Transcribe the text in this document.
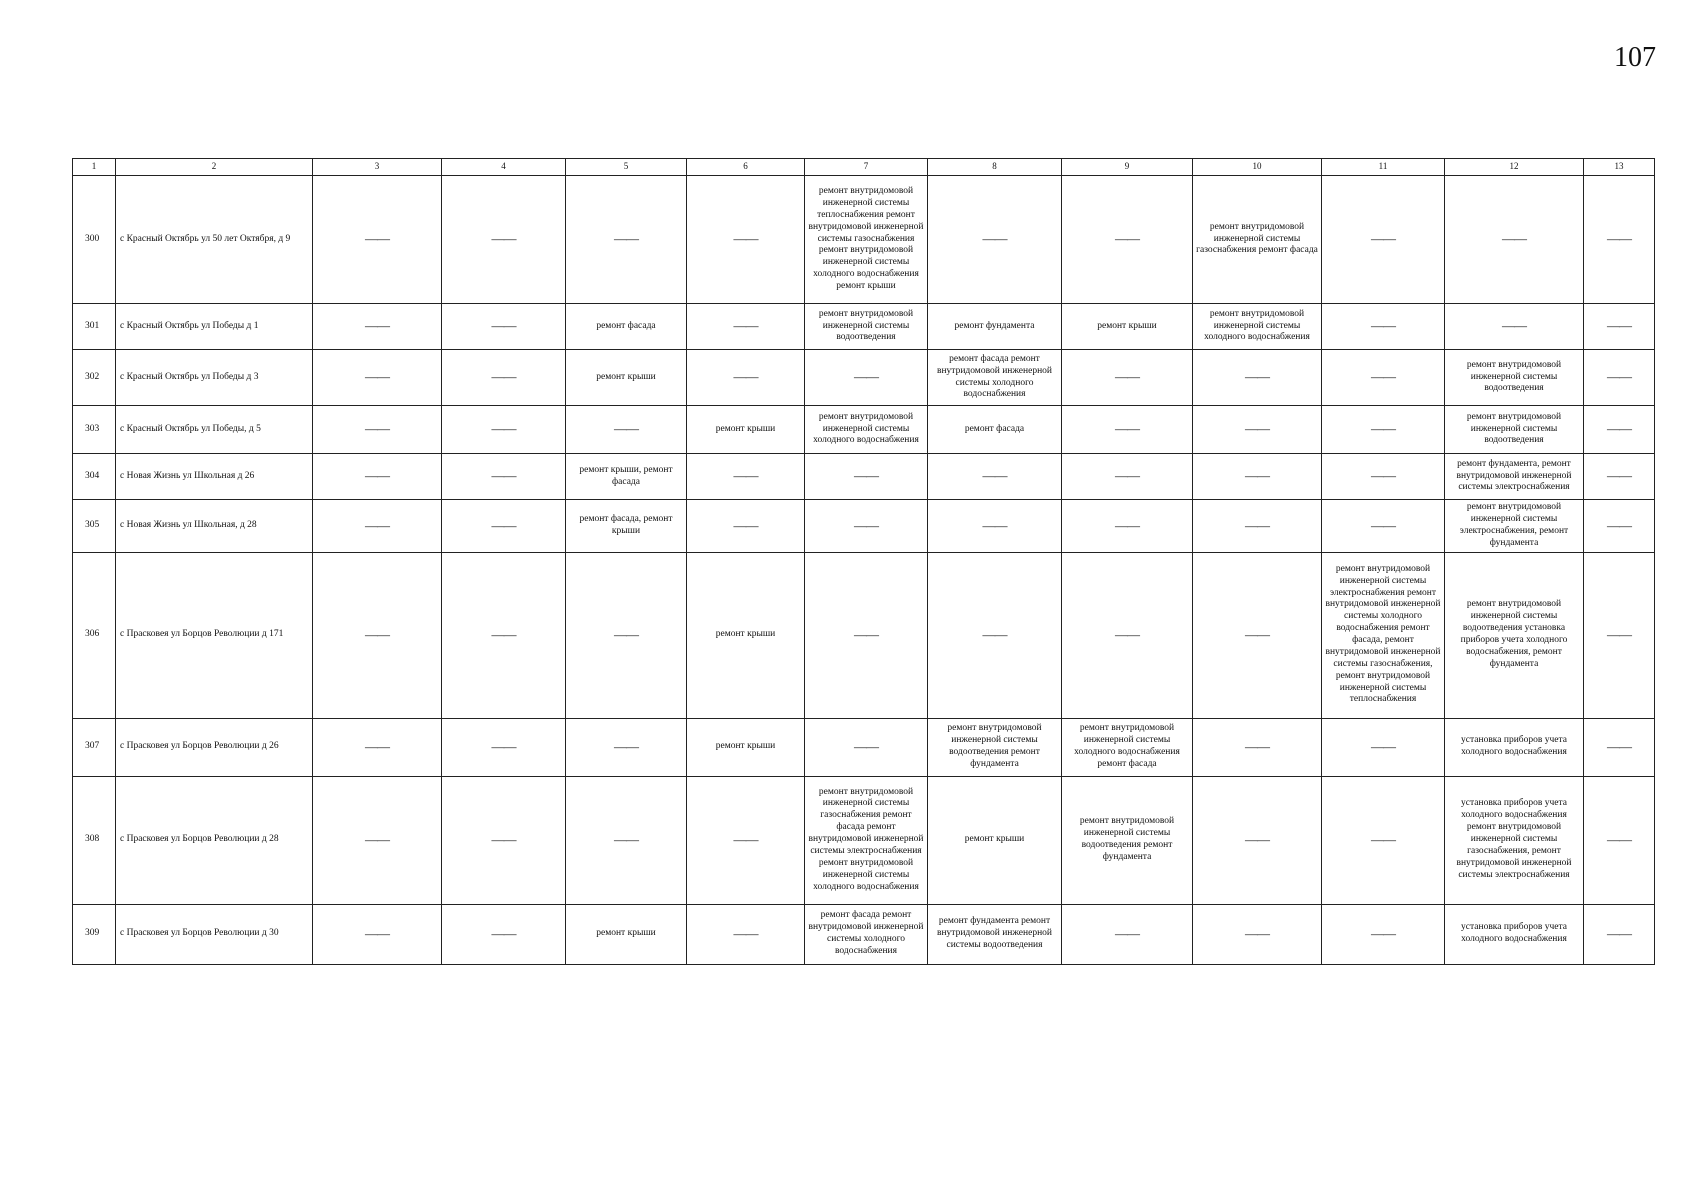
107
1	2	3	4	5	6	7	8	9	10	11	12	13
300	с Красный Октябрь ул 50 лет Октября, д 9	——	——	——	——	ремонт внутридомовой инженерной системы теплоснабжения ремонт внутридомовой инженерной системы газоснабжения ремонт внутридомовой инженерной системы холодного водоснабжения ремонт крыши	——	——	ремонт внутридомовой инженерной системы газоснабжения ремонт фасада	——	——	——
301	с Красный Октябрь ул Победы д 1	——	——	ремонт фасада	——	ремонт внутридомовой инженерной системы водоотведения	ремонт фундамента	ремонт крыши	ремонт внутридомовой инженерной системы холодного водоснабжения	——	——	——
302	с Красный Октябрь ул Победы д 3	——	——	ремонт крыши	——	——	ремонт фасада ремонт внутридомовой инженерной системы холодного водоснабжения	——	——	——	ремонт внутридомовой инженерной системы водоотведения	——
303	с Красный Октябрь ул Победы, д 5	——	——	——	ремонт крыши	ремонт внутридомовой инженерной системы холодного водоснабжения	ремонт фасада	——	——	——	ремонт внутридомовой инженерной системы водоотведения	——
304	с Новая Жизнь ул Школьная д 26	——	——	ремонт крыши, ремонт фасада	——	——	——	——	——	——	ремонт фундамента, ремонт внутридомовой инженерной системы электроснабжения	——
305	с Новая Жизнь ул Школьная, д 28	——	——	ремонт фасада, ремонт крыши	——	——	——	——	——	——	ремонт внутридомовой инженерной системы электроснабжения, ремонт фундамента	——
306	с Прасковея ул Борцов Революции д 171	——	——	——	ремонт крыши	——	——	——	——	ремонт внутридомовой инженерной системы электроснабжения ремонт внутридомовой инженерной системы холодного водоснабжения ремонт фасада, ремонт внутридомовой инженерной системы газоснабжения, ремонт внутридомовой инженерной системы теплоснабжения	ремонт внутридомовой инженерной системы водоотведения установка приборов учета холодного водоснабжения, ремонт фундамента	——
307	с Прасковея ул Борцов Революции д 26	——	——	——	ремонт крыши	——	ремонт внутридомовой инженерной системы водоотведения ремонт фундамента	ремонт внутридомовой инженерной системы холодного водоснабжения ремонт фасада	——	——	установка приборов учета холодного водоснабжения	——
308	с Прасковея ул Борцов Революции д 28	——	——	——	——	ремонт внутридомовой инженерной системы газоснабжения ремонт фасада ремонт внутридомовой инженерной системы электроснабжения ремонт внутридомовой инженерной системы холодного водоснабжения	ремонт крыши	ремонт внутридомовой инженерной системы водоотведения ремонт фундамента	——	——	установка приборов учета холодного водоснабжения ремонт внутридомовой инженерной системы газоснабжения, ремонт внутридомовой инженерной системы электроснабжения	——
309	с Прасковея ул Борцов Революции д 30	——	——	ремонт крыши	——	ремонт фасада ремонт внутридомовой инженерной системы холодного водоснабжения	ремонт фундамента ремонт внутридомовой инженерной системы водоотведения	——	——	——	установка приборов учета холодного водоснабжения	——
